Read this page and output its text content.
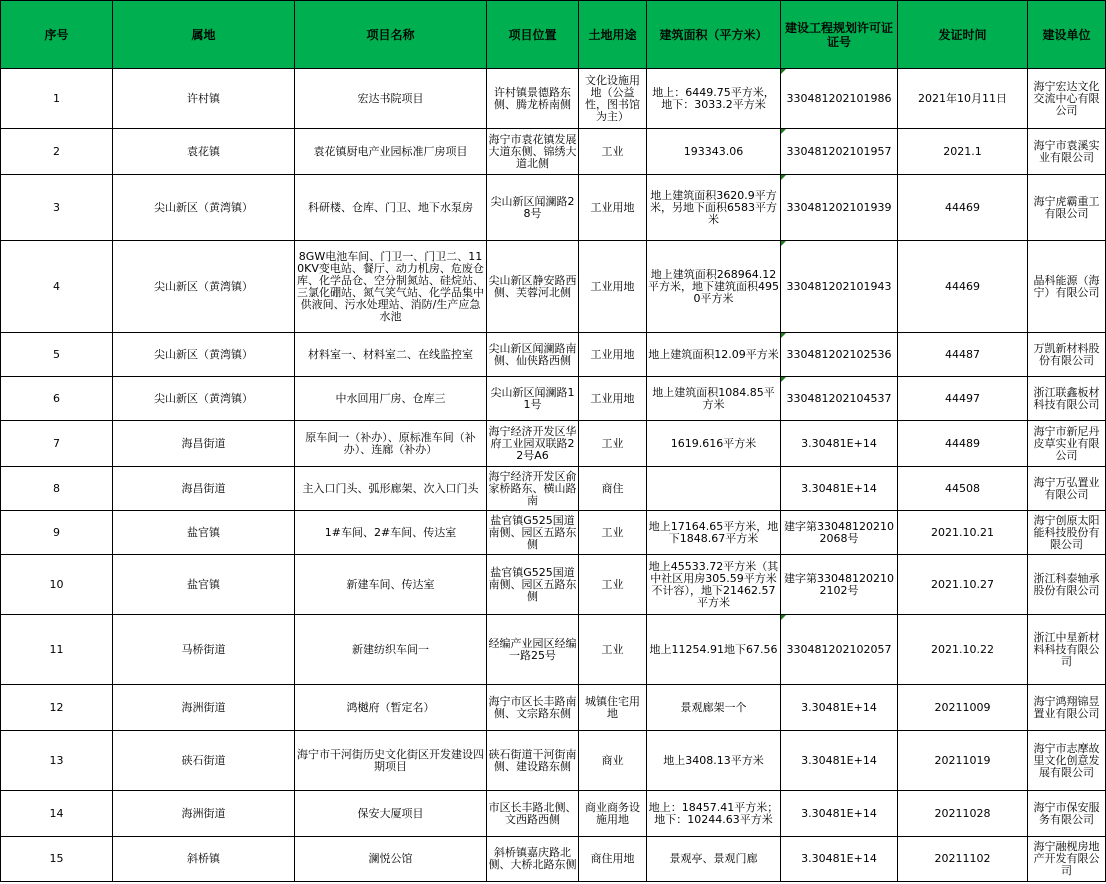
序号	属地	项目名称	项目位置	土地用途	建筑面积（平方米）	建设工程规划许可证证号	发证时间	建设单位
1	许村镇	宏达书院项目	许村镇景德路东侧、腾龙桥南侧	文化设施用地（公益性，图书馆为主）	地上：6449.75平方米，地下：3033.2平方米	330481202101986	2021年10月11日	海宁宏达文化交流中心有限公司
2	袁花镇	袁花镇厨电产业园标准厂房项目	海宁市袁花镇发展大道东侧、锦绣大道北侧	工业	193343.06	330481202101957	2021.1	海宁市袁溪实业有限公司
3	尖山新区（黄湾镇）	科研楼、仓库、门卫、地下水泵房	尖山新区闻澜路28号	工业用地	地上建筑面积3620.9平方米，另地下面积6583平方米	330481202101939	44469	海宁虎霸重工有限公司
4	尖山新区（黄湾镇）	8GW电池车间、门卫一、门卫二、110KV变电站、餐厅、动力机房、危废仓库、化学品仓、空分制氮站、硅烷站、三氯化硼站、氮气笑气站、化学品集中供液间、污水处理站、消防/生产应急水池	尖山新区静安路西侧、芙蓉河北侧	工业用地	地上建筑面积268964.12平方米，地下建筑面积4950平方米	330481202101943	44469	晶科能源（海宁）有限公司
5	尖山新区（黄湾镇）	材料室一、材料室二、在线监控室	尖山新区闻澜路南侧、仙侠路西侧	工业用地	地上建筑面积12.09平方米	330481202102536	44487	万凯新材料股份有限公司
6	尖山新区（黄湾镇）	中水回用厂房、仓库三	尖山新区闻澜路11号	工业用地	地上建筑面积1084.85平方米	330481202104537	44497	浙江联鑫板材科技有限公司
7	海昌街道	原车间一（补办）、原标准车间（补办）、连廊（补办）	海宁经济开发区华府工业园双联路22号A6	工业	1619.616平方米	3.30481E+14	44489	海宁市新尼丹皮草实业有限公司
8	海昌街道	主入口门头、弧形廊架、次入口门头	海宁经济开发区俞家桥路东、横山路南	商住		3.30481E+14	44508	海宁万弘置业有限公司
9	盐官镇	1#车间、2#车间、传达室	盐官镇G525国道南侧、园区五路东侧	工业	地上17164.65平方米，地下1848.67平方米	建字第330481202102068号	2021.10.21	海宁创原太阳能科技股份有限公司
10	盐官镇	新建车间、传达室	盐官镇G525国道南侧、园区五路东侧	工业	地上45533.72平方米（其中社区用房305.59平方米不计容），地下21462.57平方米	建字第330481202102102号	2021.10.27	浙江科泰轴承股份有限公司
11	马桥街道	新建纺织车间一	经编产业园区经编一路25号	工业	地上11254.91地下67.56	330481202102057	2021.10.22	浙江中星新材料科技有限公司
12	海洲街道	鸿樾府（暂定名）	海宁市区长丰路南侧、文宗路东侧	城镇住宅用地	景观廊架一个	3.30481E+14	20211009	海宁鸿翔锦昱置业有限公司
13	硖石街道	海宁市干河街历史文化街区开发建设四期项目	硖石街道干河街南侧、建设路东侧	商业	地上3408.13平方米	3.30481E+14	20211019	海宁市志摩故里文化创意发展有限公司
14	海洲街道	保安大厦项目	市区长丰路北侧、文西路西侧	商业商务设施用地	地上：18457.41平方米；地下：10244.63平方米	3.30481E+14	20211028	海宁市保安服务有限公司
15	斜桥镇	澜悦公馆	斜桥镇嘉庆路北侧、大桥北路东侧	商住用地	景观亭、景观门廊	3.30481E+14	20211102	海宁融枧房地产开发有限公司
